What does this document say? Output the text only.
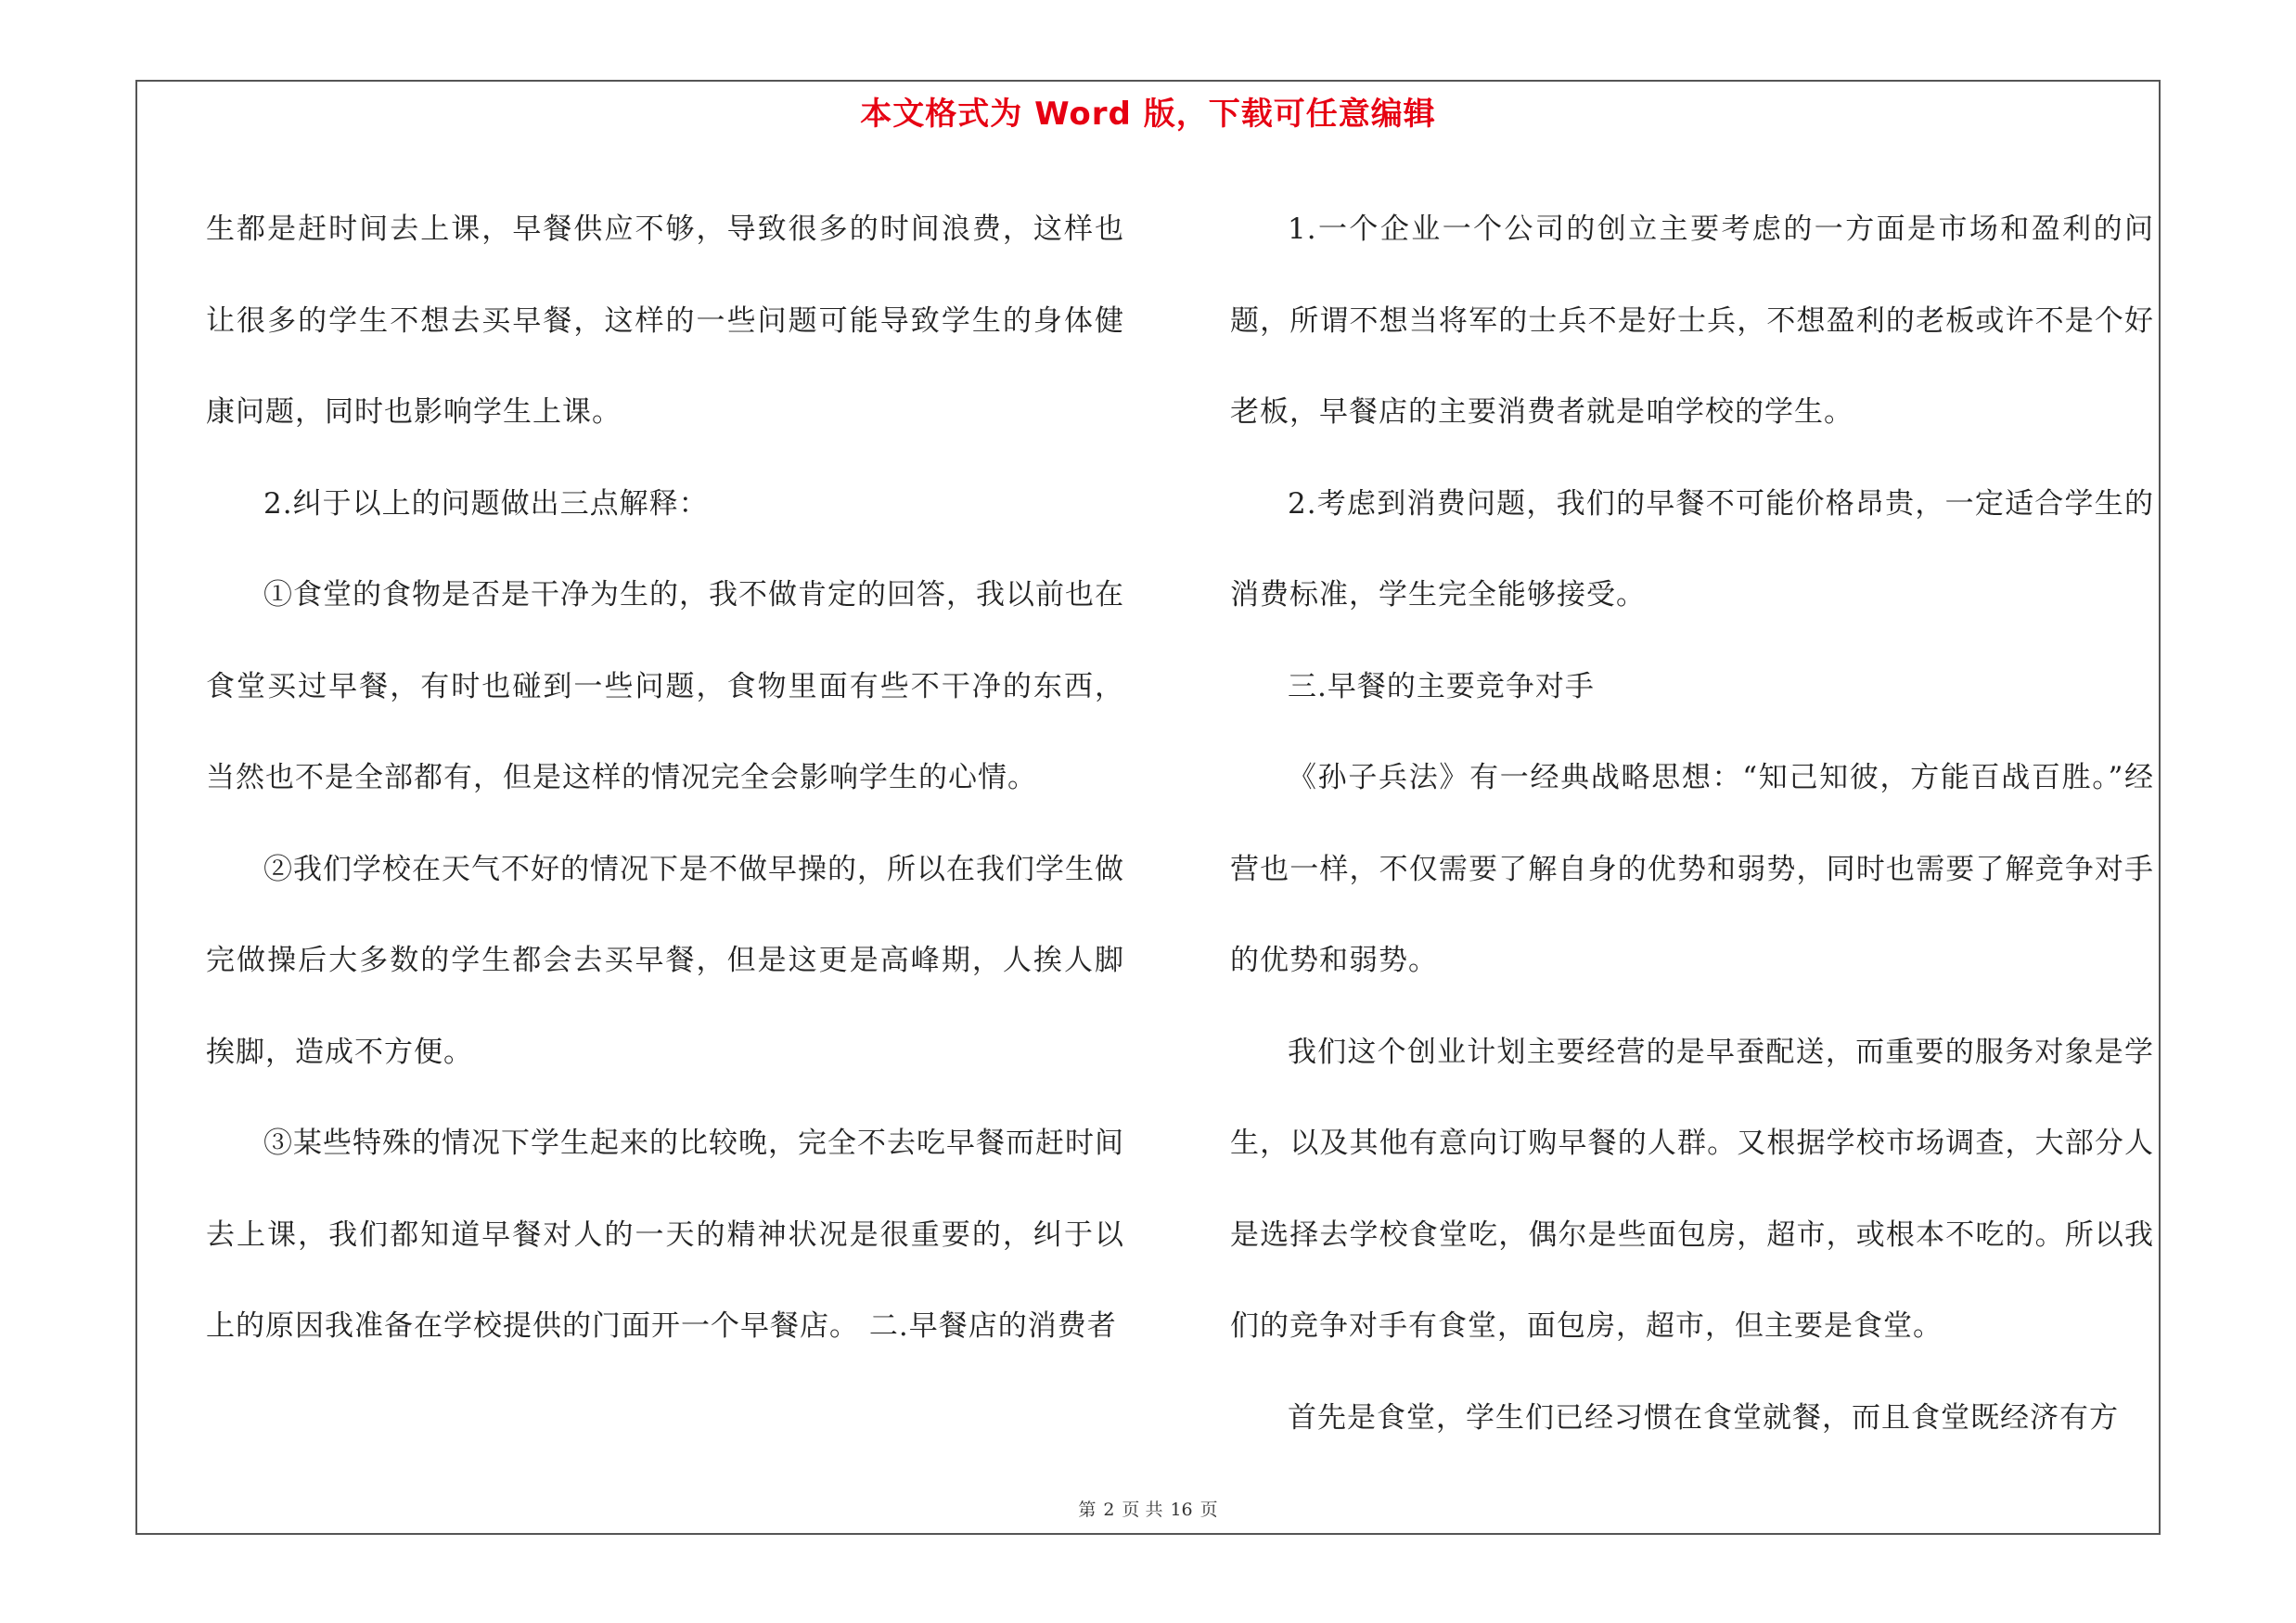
本文格式为 Word 版，下载可任意编辑

生都是赶时间去上课，早餐供应不够，导致很多的时间浪费，这样也让很多的学生不想去买早餐，这样的一些问题可能导致学生的身体健康问题，同时也影响学生上课。

2.纠于以上的问题做出三点解释：

①食堂的食物是否是干净为生的，我不做肯定的回答，我以前也在食堂买过早餐，有时也碰到一些问题，食物里面有些不干净的东西，当然也不是全部都有，但是这样的情况完全会影响学生的心情。

②我们学校在天气不好的情况下是不做早操的，所以在我们学生做完做操后大多数的学生都会去买早餐，但是这更是高峰期，人挨人脚挨脚，造成不方便。

③某些特殊的情况下学生起来的比较晚，完全不去吃早餐而赶时间去上课，我们都知道早餐对人的一天的精神状况是很重要的，纠于以上的原因我准备在学校提供的门面开一个早餐店。 二.早餐店的消费者

1.一个企业一个公司的创立主要考虑的一方面是市场和盈利的问题，所谓不想当将军的士兵不是好士兵，不想盈利的老板或许不是个好老板，早餐店的主要消费者就是咱学校的学生。

2.考虑到消费问题，我们的早餐不可能价格昂贵，一定适合学生的消费标准，学生完全能够接受。

三.早餐的主要竞争对手

《孙子兵法》有一经典战略思想：“知己知彼，方能百战百胜。”经营也一样，不仅需要了解自身的优势和弱势，同时也需要了解竞争对手的优势和弱势。

我们这个创业计划主要经营的是早蚕配送，而重要的服务对象是学生，以及其他有意向订购早餐的人群。又根据学校市场调查，大部分人是选择去学校食堂吃，偶尔是些面包房，超市，或根本不吃的。所以我们的竞争对手有食堂，面包房，超市，但主要是食堂。

首先是食堂，学生们已经习惯在食堂就餐，而且食堂既经济有方

第 2 页 共 16 页
